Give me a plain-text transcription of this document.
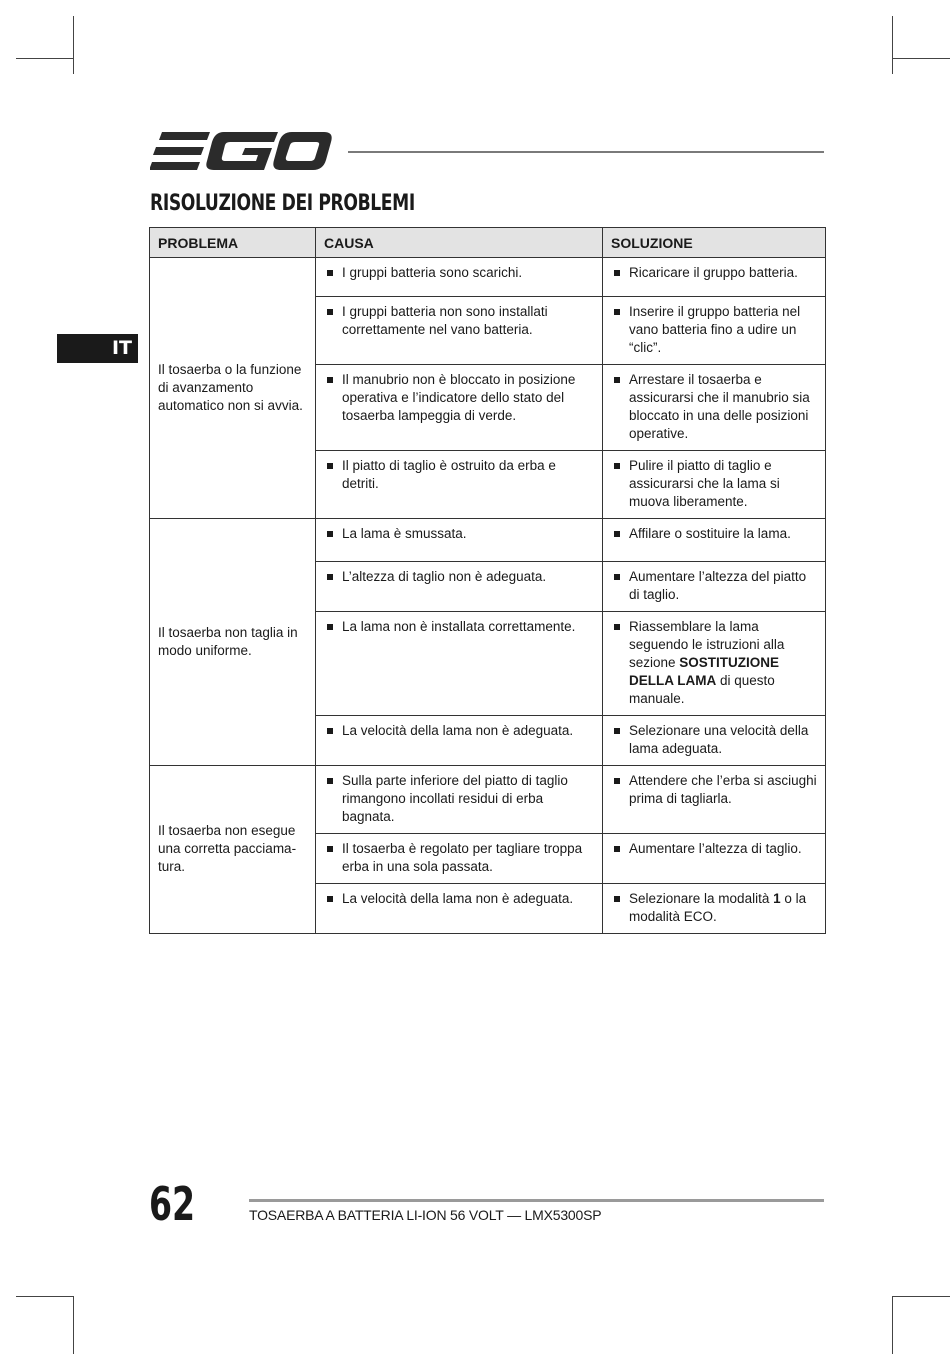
RISOLUZIONE DEI PROBLEMI
IT
PROBLEMA	CAUSA	SOLUZIONE
Il tosaerba o la funzione di avanzamento automatico non si avvia.	I gruppi batteria sono scarichi.	Ricaricare il gruppo batteria.

	I gruppi batteria non sono installati correttamente nel vano batteria.	Inserire il gruppo batteria nel vano batteria fino a udire un “clic”.

	Il manubrio non è bloccato in posizione operativa e l’indicatore dello stato del tosaerba lampeggia di verde.	Arrestare il tosaerba e assicurarsi che il manubrio sia bloccato in una delle posizioni operative.

	Il piatto di taglio è ostruito da erba e detriti.	Pulire il piatto di taglio e assicurarsi che la lama si muova liberamente.

Il tosaerba non taglia in modo uniforme.	La lama è smussata.	Affilare o sostituire la lama.

	L’altezza di taglio non è adeguata.	Aumentare l’altezza del piatto di taglio.

	La lama non è installata correttamente.	Riassemblare la lama seguendo le istruzioni alla sezione SOSTITUZIONE DELLA LAMA di questo manuale.

	La velocità della lama non è adeguata.	Selezionare una velocità della lama adeguata.

Il tosaerba non esegue una corretta pacciamatura.	Sulla parte inferiore del piatto di taglio rimangono incollati residui di erba bagnata.	Attendere che l’erba si asciughi prima di tagliarla.

	Il tosaerba è regolato per tagliare troppa erba in una sola passata.	Aumentare l’altezza di taglio.

	La velocità della lama non è adeguata.	Selezionare la modalità 1 o la modalità ECO.
62	TOSAERBA A BATTERIA LI-ION 56 VOLT — LMX5300SP
